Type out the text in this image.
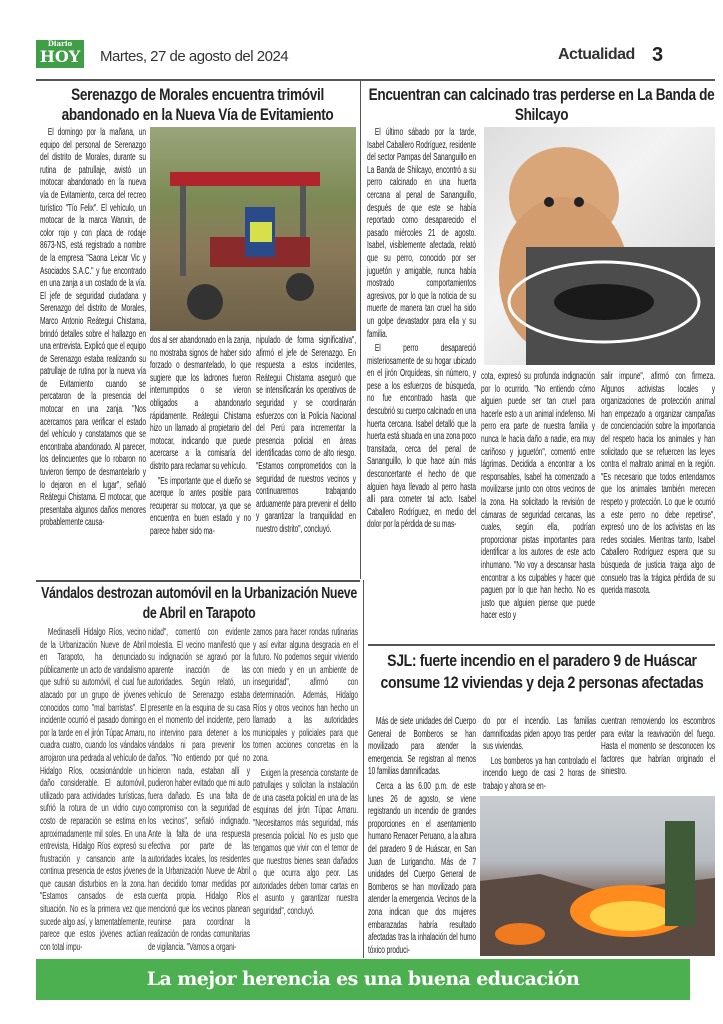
Diario
HOY Martes, 27 de agosto del 2024	Actualidad 3
Serenazgo de Morales encuentra trimóvil abandonado en la Nueva Vía de Evitamiento

El domingo por la mañana, un equipo del personal de Serenazgo del distrito de Morales, durante su rutina de patrullaje, avistó un motocar abandonado en la nueva vía de Evitamiento, cerca del recreo turístico "Tío Felix". El vehículo, un motocar de la marca Wanxin, de color rojo y con placa de rodaje 8673-NS, está registrado a nombre de la empresa "Saona Leicar Vic y Asociados S.A.C." y fue encontrado en una zanja a un costado de la vía. El jefe de seguridad ciudadana y Serenazgo del distrito de Morales, Marco Antonio Reátegui Chistama, brindó detalles sobre el hallazgo en una entrevista. Explicó que el equipo de Serenazgo estaba realizando su patrullaje de rutina por la nueva vía de Evitamiento cuando se percataron de la presencia del motocar en una zanja. "Nos acercamos para verificar el estado del vehículo y constatamos que se encontraba abandonado. Al parecer, los delincuentes que lo robaron no tuvieron tiempo de desmantelarlo y lo dejaron en el lugar", señaló Reátegui Chistama. El motocar, que presentaba algunos daños menores probablemente causa-

dos al ser abandonado en la zanja, no mostraba signos de haber sido forzado o desmantelado, lo que sugiere que los ladrones fueron interrumpidos o se vieron obligados a abandonarlo rápidamente. Reátegui Chistama hizo un llamado al propietario del motocar, indicando que puede acercarse a la comisaría del distrito para reclamar su vehículo.

"Es importante que el dueño se acerque lo antes posible para recuperar su motocar, ya que se encuentra en buen estado y no parece haber sido ma-

nipulado de forma significativa", afirmó el jefe de Serenazgo. En respuesta a estos incidentes, Reátegui Chistama aseguró que se intensificarán los operativos de seguridad y se coordinarán esfuerzos con la Policía Nacional del Perú para incrementar la presencia policial en áreas identificadas como de alto riesgo. "Estamos comprometidos con la seguridad de nuestros vecinos y continuaremos trabajando arduamente para prevenir el delito y garantizar la tranquilidad en nuestro distrito", concluyó.

Encuentran can calcinado tras perderse en La Banda de Shilcayo

El último sábado por la tarde, Isabel Caballero Rodríguez, residente del sector Pampas del Sananguillo en La Banda de Shilcayo, encontró a su perro calcinado en una huerta cercana al penal de Sananguillo, después de que este se había reportado como desaparecido el pasado miércoles 21 de agosto. Isabel, visiblemente afectada, relató que su perro, conocido por ser juguetón y amigable, nunca había mostrado comportamientos agresivos, por lo que la noticia de su muerte de manera tan cruel ha sido un golpe devastador para ella y su familia.

El perro desapareció misteriosamente de su hogar ubicado en el jirón Orquídeas, sin número, y pese a los esfuerzos de búsqueda, no fue encontrado hasta que descubrió su cuerpo calcinado en una huerta cercana. Isabel detalló que la huerta está situada en una zona poco transitada, cerca del penal de Sananguillo, lo que hace aún más desconcertante el hecho de que alguien haya llevado al perro hasta allí para cometer tal acto. Isabel Caballero Rodríguez, en medio del dolor por la pérdida de su mas-

cota, expresó su profunda indignación por lo ocurrido. "No entiendo cómo alguien puede ser tan cruel para hacerle esto a un animal indefenso. Mi perro era parte de nuestra familia y nunca le hacía daño a nadie, era muy cariñoso y juguetón", comentó entre lágrimas. Decidida a encontrar a los responsables, Isabel ha comenzado a movilizarse junto con otros vecinos de la zona. Ha solicitado la revisión de cámaras de seguridad cercanas, las cuales, según ella, podrían proporcionar pistas importantes para identificar a los autores de este acto inhumano. "No voy a descansar hasta encontrar a los culpables y hacer que paguen por lo que han hecho. No es justo que alguien piense que puede hacer esto y

salir impune", afirmó con firmeza. Algunos activistas locales y organizaciones de protección animal han empezado a organizar campañas de concienciación sobre la importancia del respeto hacia los animales y han solicitado que se refuercen las leyes contra el maltrato animal en la región. "Es necesario que todos entendamos que los animales también merecen respeto y protección. Lo que le ocurrió a este perro no debe repetirse", expresó uno de los activistas en las redes sociales. Mientras tanto, Isabel Caballero Rodríguez espera que su búsqueda de justicia traiga algo de consuelo tras la trágica pérdida de su querida mascota.

Vándalos destrozan automóvil en la Urbanización Nueve de Abril en Tarapoto

Medinaselli Hidalgo Ríos, vecino de la Urbanización Nueve de Abril en Tarapoto, ha denunciado públicamente un acto de vandalismo que sufrió su automóvil, el cual fue atacado por un grupo de jóvenes conocidos como "mal barristas". El incidente ocurrió el pasado domingo por la tarde en el jirón Túpac Amaru, cuadra cuatro, cuando los vándalos arrojaron una pedrada al vehículo de Hidalgo Ríos, ocasionándole un daño considerable. El automóvil, utilizado para actividades turísticas, sufrió la rotura de un vidrio cuyo costo de reparación se estima en aproximadamente mil soles. En una entrevista, Hidalgo Ríos expresó su frustración y cansancio ante la continua presencia de estos jóvenes que causan disturbios en la zona. "Estamos cansados de esta situación. No es la primera vez que sucede algo así, y lamentablemente, parece que estos jóvenes actúan con total impu-

nidad", comentó con evidente molestia. El vecino manifestó que su indignación se agravó por la aparente inacción de las autoridades. Según relató, un vehículo de Serenazgo estaba presente en la esquina de su casa en el momento del incidente, pero no intervino para detener a los vándalos ni para prevenir los daños. "No entiendo por qué no hicieron nada, estaban allí y pudieron haber evitado que mi auto fuera dañado. Es una falta de compromiso con la seguridad de los vecinos", señaló indignado. Ante la falta de una respuesta efectiva por parte de las autoridades locales, los residentes de la Urbanización Nueve de Abril han decidido tomar medidas por cuenta propia. Hidalgo Ríos mencionó que los vecinos planean reunirse para coordinar la realización de rondas comunitarias de vigilancia. "Vamos a organi-

zamos para hacer rondas rutinarias y así evitar alguna desgracia en el futuro. No podemos seguir viviendo con miedo y en un ambiente de inseguridad", afirmó con determinación. Además, Hidalgo Ríos y otros vecinos han hecho un llamado a las autoridades municipales y policiales para que tomen acciones concretas en la zona.

Exigen la presencia constante de patrullajes y solicitan la instalación de una caseta policial en una de las esquinas del jirón Túpac Amaru. "Necesitamos más seguridad, más presencia policial. No es justo que tengamos que vivir con el temor de que nuestros bienes sean dañados o que ocurra algo peor. Las autoridades deben tomar cartas en el asunto y garantizar nuestra seguridad", concluyó.

SJL: fuerte incendio en el paradero 9 de Huáscar consume 12 viviendas y deja 2 personas afectadas

Más de siete unidades del Cuerpo General de Bomberos se han movilizado para atender la emergencia. Se registran al menos 10 familias damnificadas.

Cerca a las 6.00 p.m. de este lunes 26 de agosto, se viene registrando un incendio de grandes proporciones en el asentamiento humano Renacer Peruano, a la altura del paradero 9 de Huáscar, en San Juan de Lurigancho. Más de 7 unidades del Cuerpo General de Bomberos se han movilizado para atender la emergencia. Vecinos de la zona indican que dos mujeres embarazadas habría resultado afectadas tras la inhalación del humo tóxico produci-

do por el incendio. Las familias damnificadas piden apoyo tras perder sus viviendas.

Los bomberos ya han controlado el incendio luego de casi 2 horas de trabajo y ahora se en-

cuentran removiendo los escombros para evitar la reavivación del fuego. Hasta el momento se desconocen los factores que habrían originado el siniestro.

La mejor herencia es una buena educación
